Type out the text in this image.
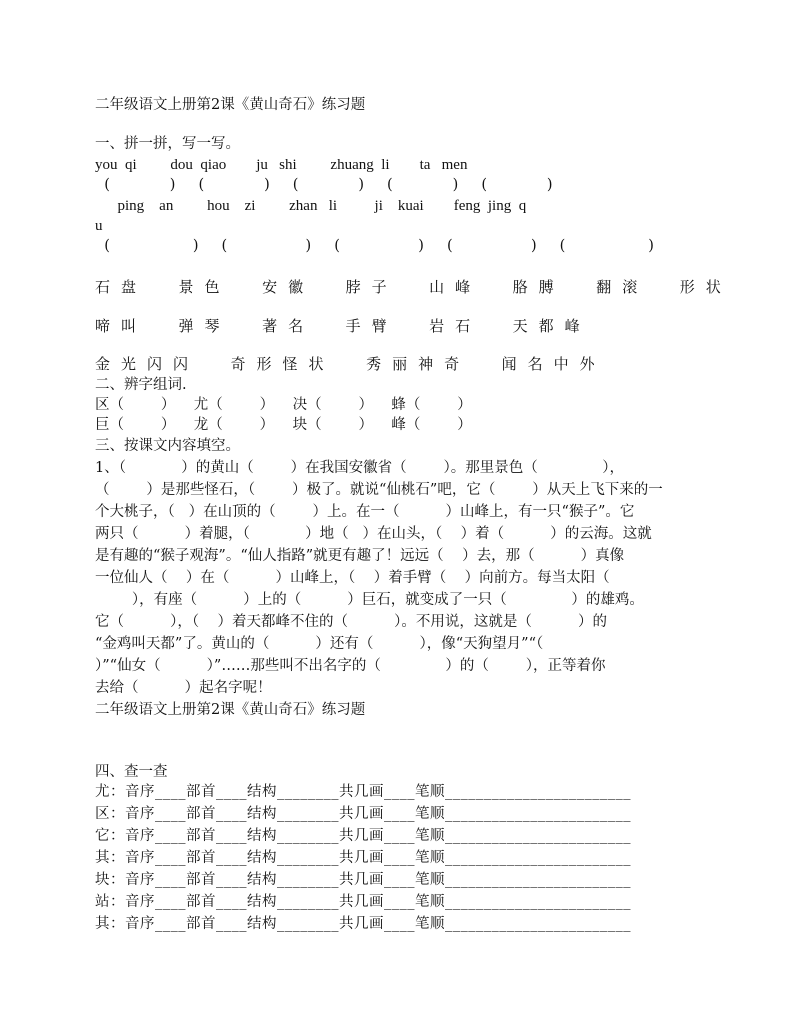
二年级语文上册第2课《黄山奇石》练习题
一、拼一拼，写一写。
you  qi         dou  qiao        ju   shi         zhuang  li        ta   men
(             )     (             )     (             )     (             )     (             )
ping    an         hou    zi         zhan   li          ji    kuai        feng  jing  q
u
(                  )     (                 )     (                 )     (                 )     (                  )
石盘  景色  安徽  脖子  山峰  胳膊  翻滚  形状
啼叫  弹琴  著名  手臂  岩石  天都峰
金光闪闪  奇形怪状  秀丽神奇  闻名中外
二、辨字组词.
区（        ）    尤（        ）    决（        ）    蜂（        ）
巨（        ）    龙（        ）    块（        ）    峰（        ）
三、按课文内容填空。
1、（            ）的黄山（        ）在我国安徽省（        ）。那里景色（              ），
（        ）是那些怪石，（        ）极了。就说“仙桃石”吧，它（        ）从天上飞下来的一
个大桃子，（   ）在山顶的（        ）上。在一（          ）山峰上，有一只“猴子”。它
两只（          ）着腿，（            ）地（   ）在山头，（    ）着（          ）的云海。这就
是有趣的“猴子观海”。“仙人指路”就更有趣了！远远（    ）去，那（          ）真像
一位仙人（    ）在（          ）山峰上，（    ）着手臂（    ）向前方。每当太阳（
），有座（          ）上的（          ）巨石，就变成了一只（              ）的雄鸡。
它（          ），（    ）着天都峰不住的（          ）。不用说，这就是（          ）的
“金鸡叫天都”了。黄山的（          ）还有（          ），像“天狗望月”“（
）”“仙女（          ）”……那些叫不出名字的（              ）的（        ），正等着你
去给（          ）起名字呢！
二年级语文上册第2课《黄山奇石》练习题
四、查一查
尤：音序____部首____结构________共几画____笔顺________________________
区：音序____部首____结构________共几画____笔顺________________________
它：音序____部首____结构________共几画____笔顺________________________
其：音序____部首____结构________共几画____笔顺________________________
块：音序____部首____结构________共几画____笔顺________________________
站：音序____部首____结构________共几画____笔顺________________________
其：音序____部首____结构________共几画____笔顺________________________
